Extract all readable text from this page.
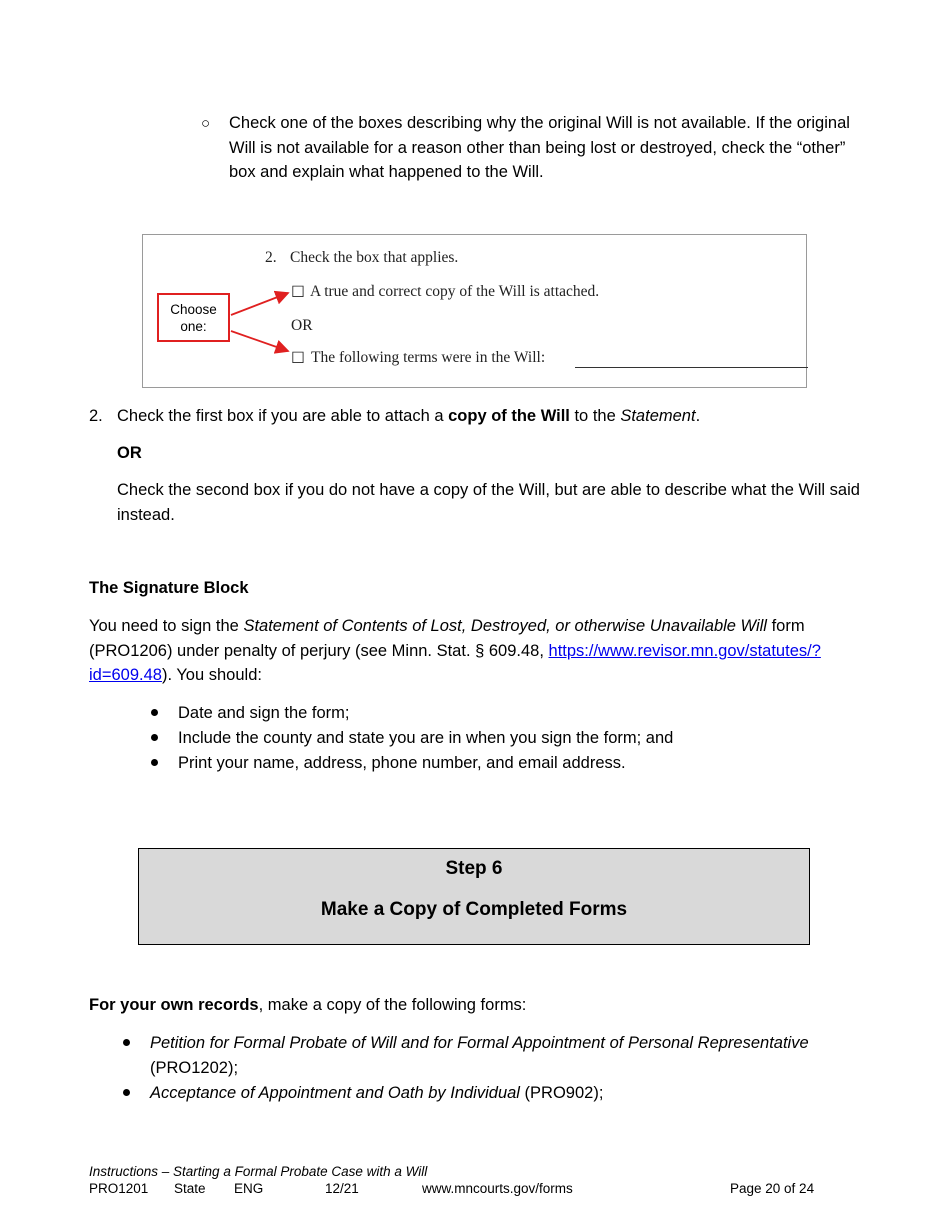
○ Check one of the boxes describing why the original Will is not available. If the original Will is not available for a reason other than being lost or destroyed, check the “other” box and explain what happened to the Will.
2. Check the box that applies.
Choose one:
☐ A true and correct copy of the Will is attached.
OR
☐ The following terms were in the Will:
2. Check the first box if you are able to attach a copy of the Will to the Statement.
OR
Check the second box if you do not have a copy of the Will, but are able to describe what the Will said instead.
The Signature Block
You need to sign the Statement of Contents of Lost, Destroyed, or otherwise Unavailable Will form (PRO1206) under penalty of perjury (see Minn. Stat. § 609.48, https://www.revisor.mn.gov/statutes/?id=609.48). You should:
Date and sign the form;
Include the county and state you are in when you sign the form; and
Print your name, address, phone number, and email address.
Step 6
Make a Copy of Completed Forms
For your own records, make a copy of the following forms:
Petition for Formal Probate of Will and for Formal Appointment of Personal Representative (PRO1202);
Acceptance of Appointment and Oath by Individual (PRO902);
Instructions – Starting a Formal Probate Case with a Will
PRO1201 State ENG	12/21	www.mncourts.gov/forms	Page 20 of 24
